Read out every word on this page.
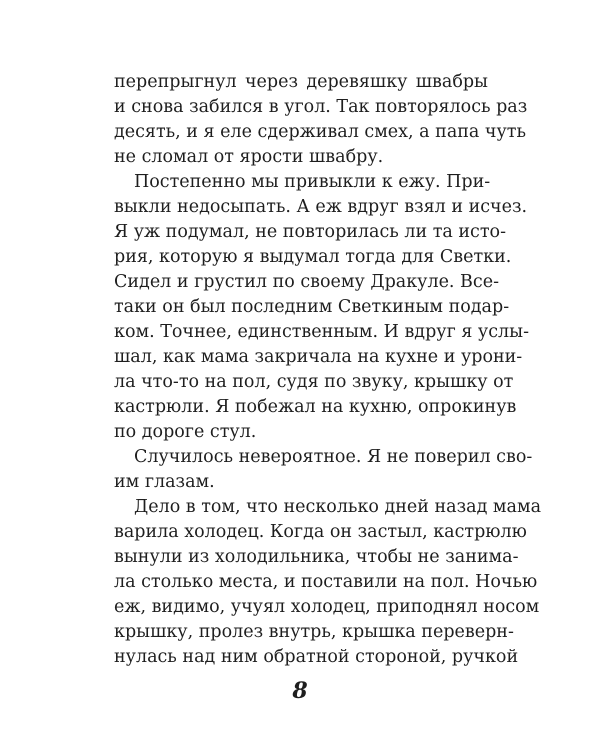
перепрыгнул через деревяшку швабры
и снова забился в угол. Так повторялось раз
десять, и я еле сдерживал смех, а папа чуть
не сломал от ярости швабру.
Постепенно мы привыкли к ежу. При-
выкли недосыпать. А еж вдруг взял и исчез.
Я уж подумал, не повторилась ли та исто-
рия, которую я выдумал тогда для Светки.
Сидел и грустил по своему Дракуле. Все-
таки он был последним Светкиным подар-
ком. Точнее, единственным. И вдруг я услы-
шал, как мама закричала на кухне и урони-
ла что-то на пол, судя по звуку, крышку от
кастрюли. Я побежал на кухню, опрокинув
по дороге стул.
Случилось невероятное. Я не поверил сво-
им глазам.
Дело в том, что несколько дней назад мама
варила холодец. Когда он застыл, кастрюлю
вынули из холодильника, чтобы не занима-
ла столько места, и поставили на пол. Ночью
еж, видимо, учуял холодец, приподнял носом
крышку, пролез внутрь, крышка переверн-
нулась над ним обратной стороной, ручкой
8
